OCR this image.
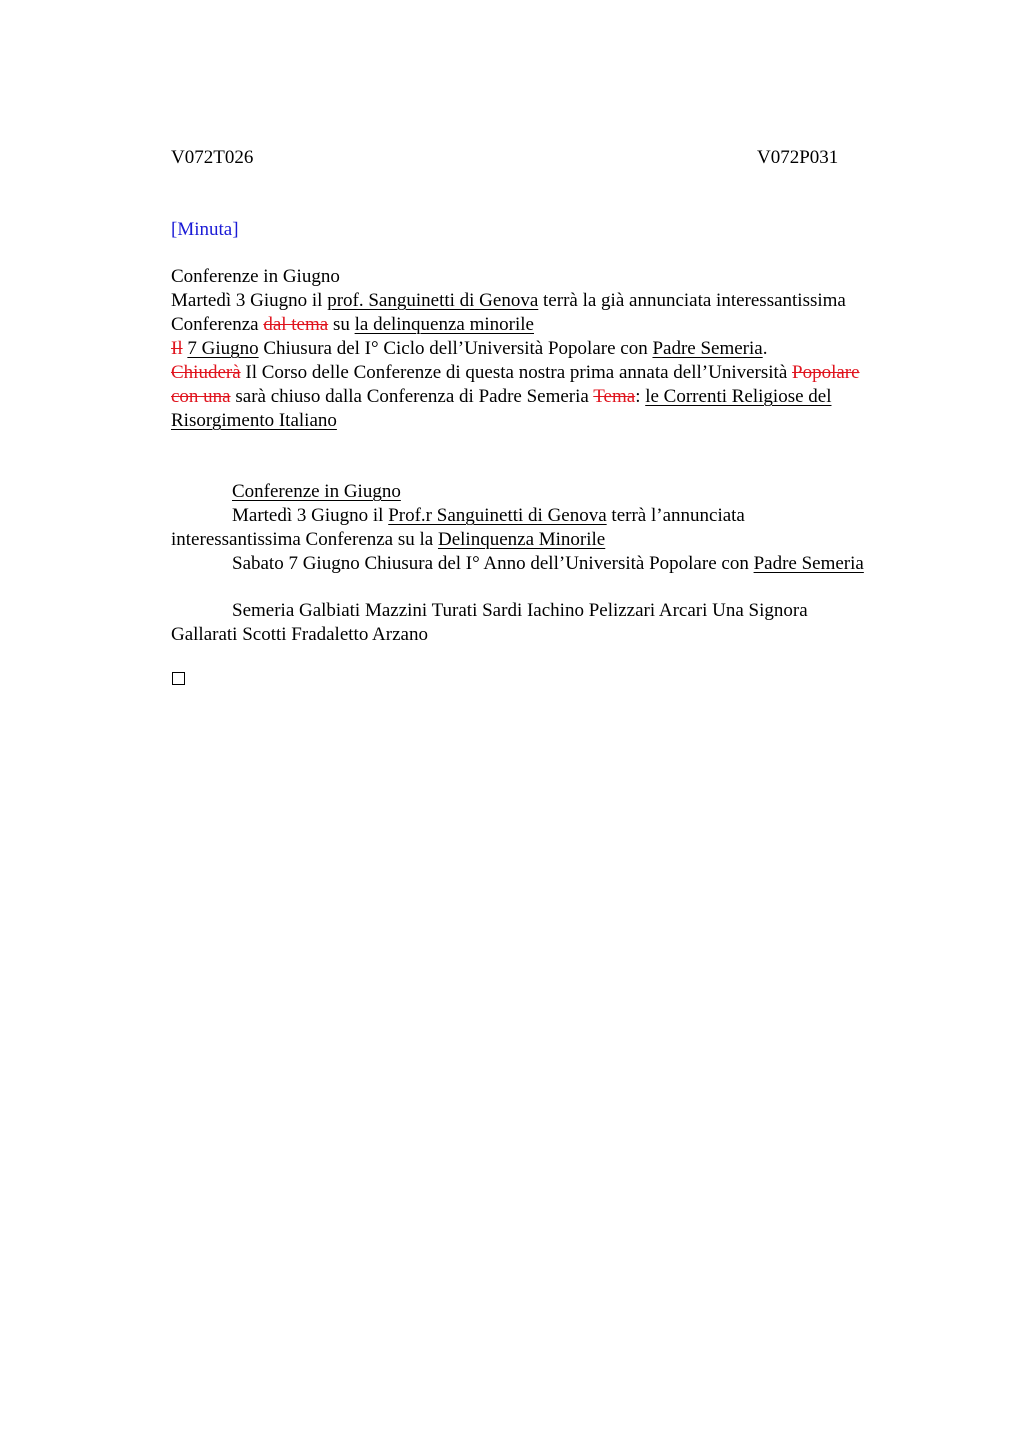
V072T026	V072P031
[Minuta]
Conferenze in Giugno
Martedì 3 Giugno il prof. Sanguinetti di Genova terrà la già annunciata interessantissima
Conferenza dal tema su la delinquenza minorile
Il 7 Giugno Chiusura del I° Ciclo dell’Università Popolare con Padre Semeria.
Chiuderà Il Corso delle Conferenze di questa nostra prima annata dell’Università Popolare
con una sarà chiuso dalla Conferenza di Padre Semeria Tema: le Correnti Religiose del
Risorgimento Italiano
Conferenze in Giugno
Martedì 3 Giugno il Prof.r Sanguinetti di Genova terrà l’annunciata
interessantissima Conferenza su la Delinquenza Minorile
Sabato 7 Giugno Chiusura del I° Anno dell’Università Popolare con Padre Semeria
Semeria Galbiati Mazzini Turati Sardi Iachino Pelizzari Arcari Una Signora
Gallarati Scotti Fradaletto Arzano
